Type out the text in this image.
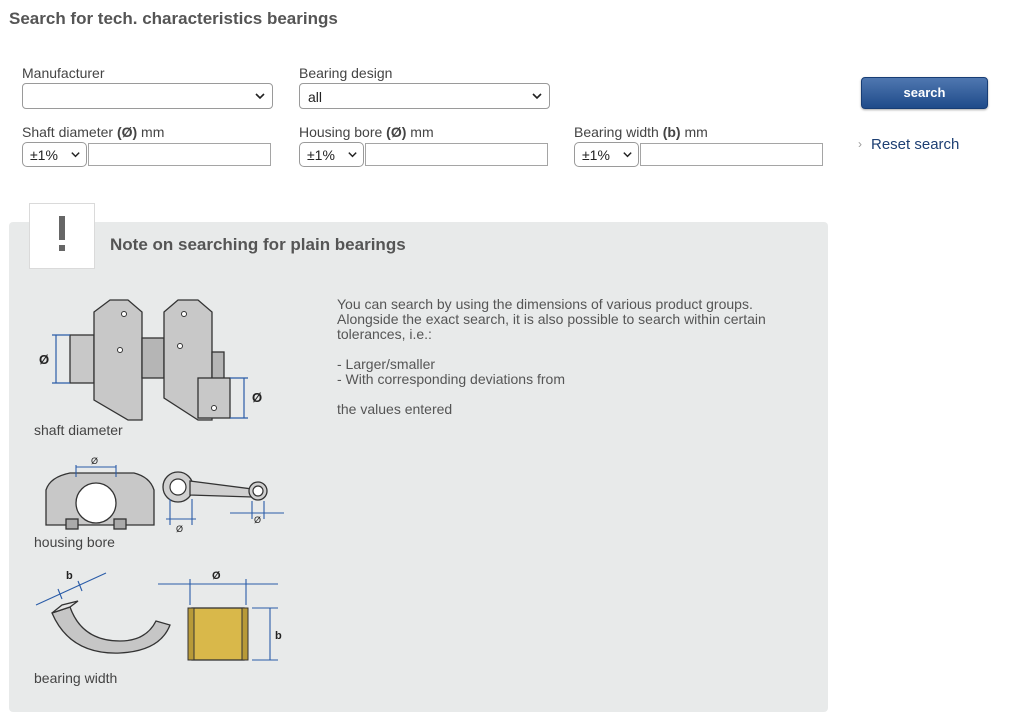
Search for tech. characteristics bearings
Manufacturer	Bearing design
all
Shaft diameter (Ø) mm
±1%
Housing bore (Ø) mm
±1%
Bearing width (b) mm
±1%
search
› Reset search
Note on searching for plain bearings

You can search by using the dimensions of various product groups. Alongside the exact search, it is also possible to search within certain tolerances, i.e.:

- Larger/smaller

- With corresponding deviations from

the values entered

Ø
Ø
shaft diameter
Ø
Ø
Ø
housing bore
b	Ø
b
bearing width
